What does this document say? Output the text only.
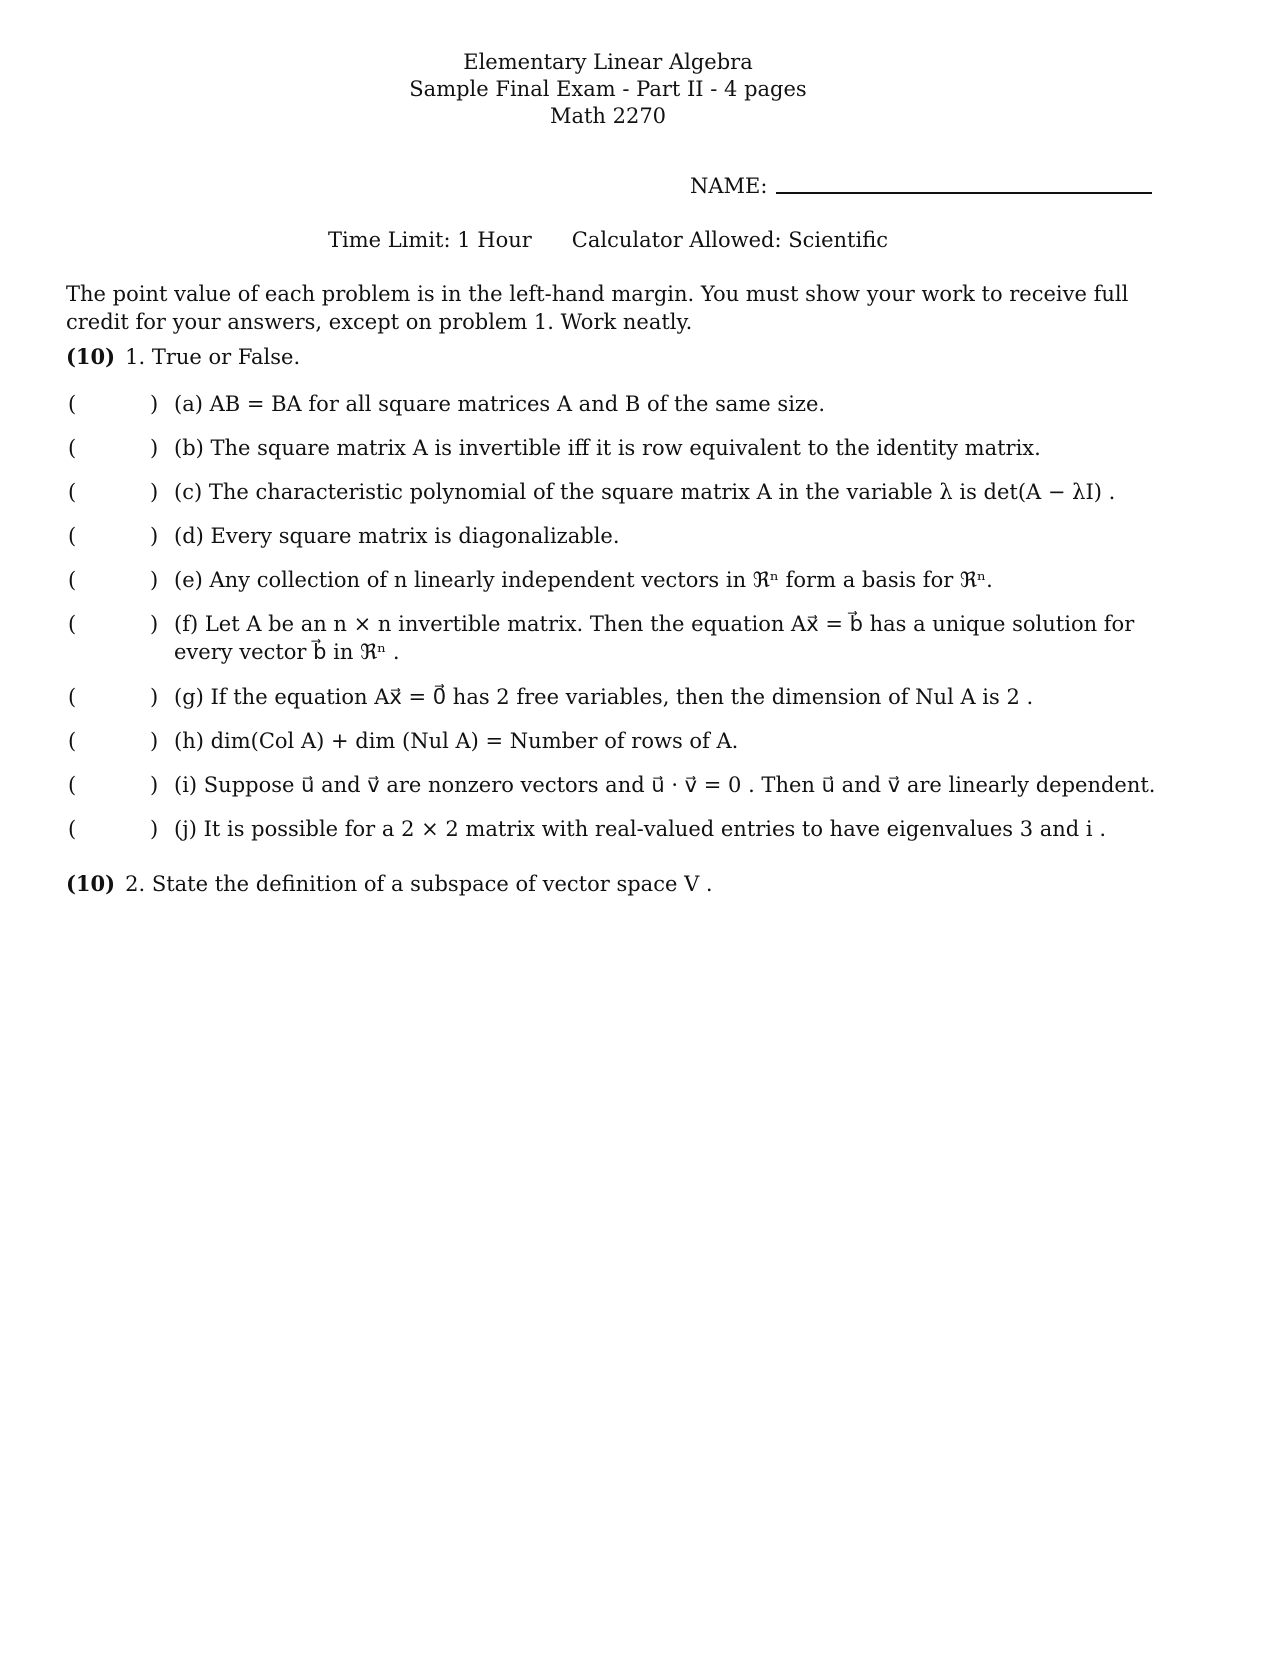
Elementary Linear Algebra
Sample Final Exam - Part II - 4 pages
Math 2270
NAME:
Time Limit: 1 Hour Calculator Allowed: Scientific
The point value of each problem is in the left-hand margin. You must show your work to receive full credit for your answers, except on problem 1. Work neatly.
(10) 1. True or False.
(	) (a) AB = BA for all square matrices A and B of the same size.
(	) (b) The square matrix A is invertible iff it is row equivalent to the identity matrix.
(	) (c) The characteristic polynomial of the square matrix A in the variable λ is det(A − λI) .
(	) (d) Every square matrix is diagonalizable.
(	) (e) Any collection of n linearly independent vectors in ℜⁿ form a basis for ℜⁿ.
(	) (f) Let A be an n × n invertible matrix. Then the equation Ax⃗ = b⃗ has a unique solution for every vector b⃗ in ℜⁿ .
(	) (g) If the equation Ax⃗ = 0⃗ has 2 free variables, then the dimension of Nul A is 2 .
(	) (h) dim(Col A) + dim (Nul A) = Number of rows of A.
(	) (i) Suppose u⃗ and v⃗ are nonzero vectors and u⃗ · v⃗ = 0 . Then u⃗ and v⃗ are linearly dependent.
(	) (j) It is possible for a 2 × 2 matrix with real-valued entries to have eigenvalues 3 and i .
(10) 2. State the definition of a subspace of vector space V .
